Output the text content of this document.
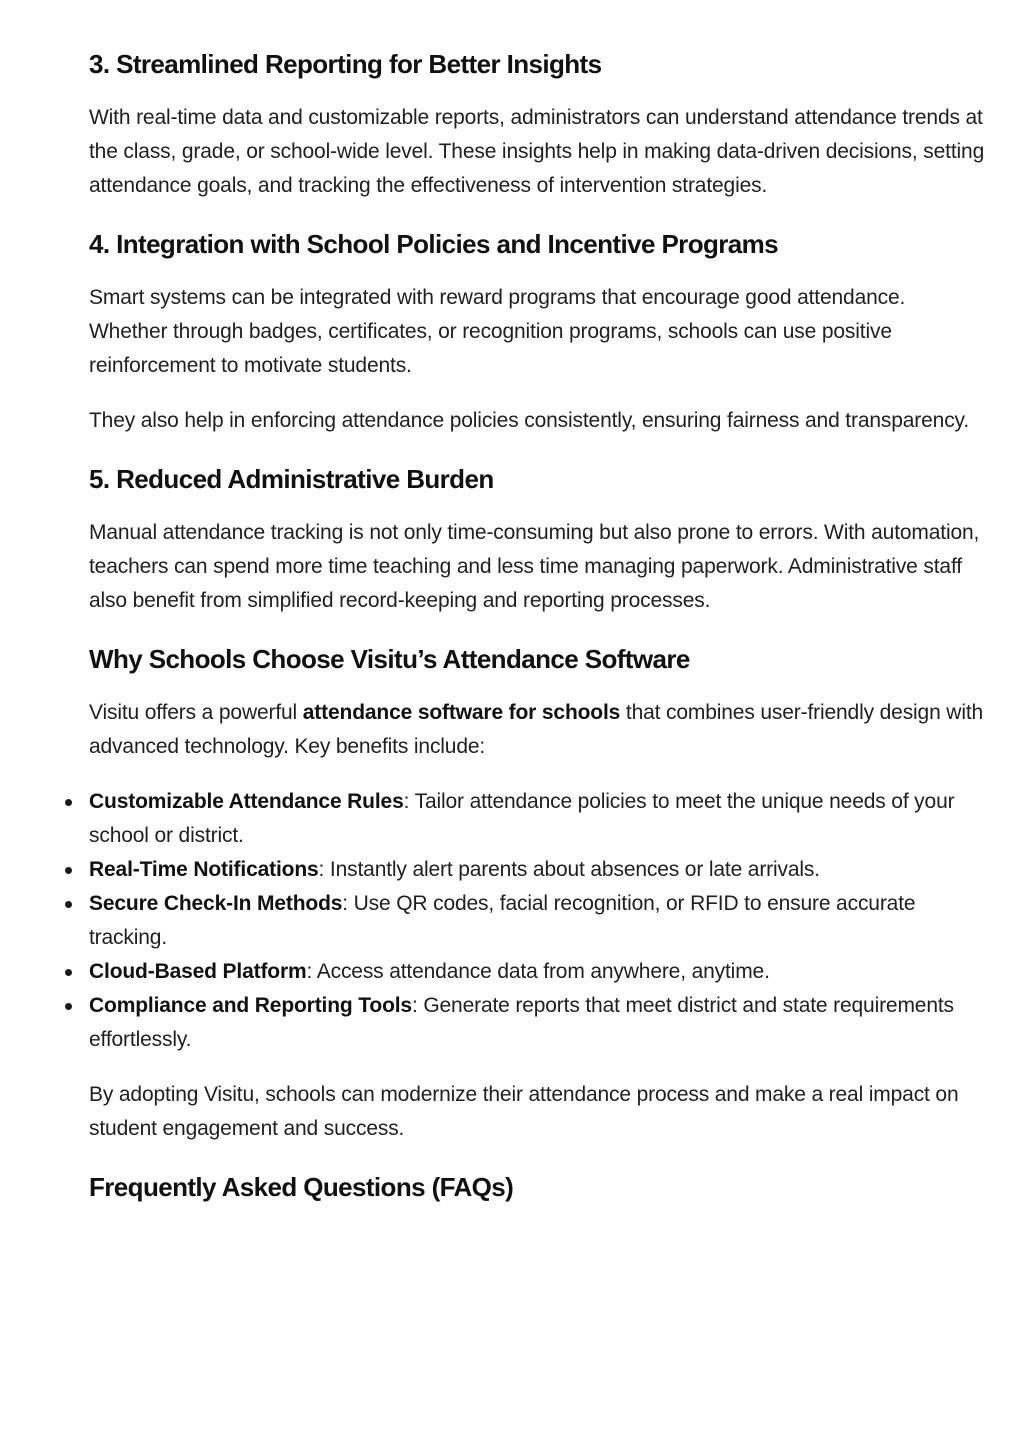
3. Streamlined Reporting for Better Insights

With real-time data and customizable reports, administrators can understand attendance trends at the class, grade, or school-wide level. These insights help in making data-driven decisions, setting attendance goals, and tracking the effectiveness of intervention strategies.

4. Integration with School Policies and Incentive Programs

Smart systems can be integrated with reward programs that encourage good attendance. Whether through badges, certificates, or recognition programs, schools can use positive reinforcement to motivate students.

They also help in enforcing attendance policies consistently, ensuring fairness and transparency.

5. Reduced Administrative Burden

Manual attendance tracking is not only time-consuming but also prone to errors. With automation, teachers can spend more time teaching and less time managing paperwork. Administrative staff also benefit from simplified record-keeping and reporting processes.

Why Schools Choose Visitu’s Attendance Software

Visitu offers a powerful attendance software for schools that combines user-friendly design with advanced technology. Key benefits include:

Customizable Attendance Rules: Tailor attendance policies to meet the unique needs of your school or district.
Real-Time Notifications: Instantly alert parents about absences or late arrivals.
Secure Check-In Methods: Use QR codes, facial recognition, or RFID to ensure accurate tracking.
Cloud-Based Platform: Access attendance data from anywhere, anytime.
Compliance and Reporting Tools: Generate reports that meet district and state requirements effortlessly.

By adopting Visitu, schools can modernize their attendance process and make a real impact on student engagement and success.

Frequently Asked Questions (FAQs)
